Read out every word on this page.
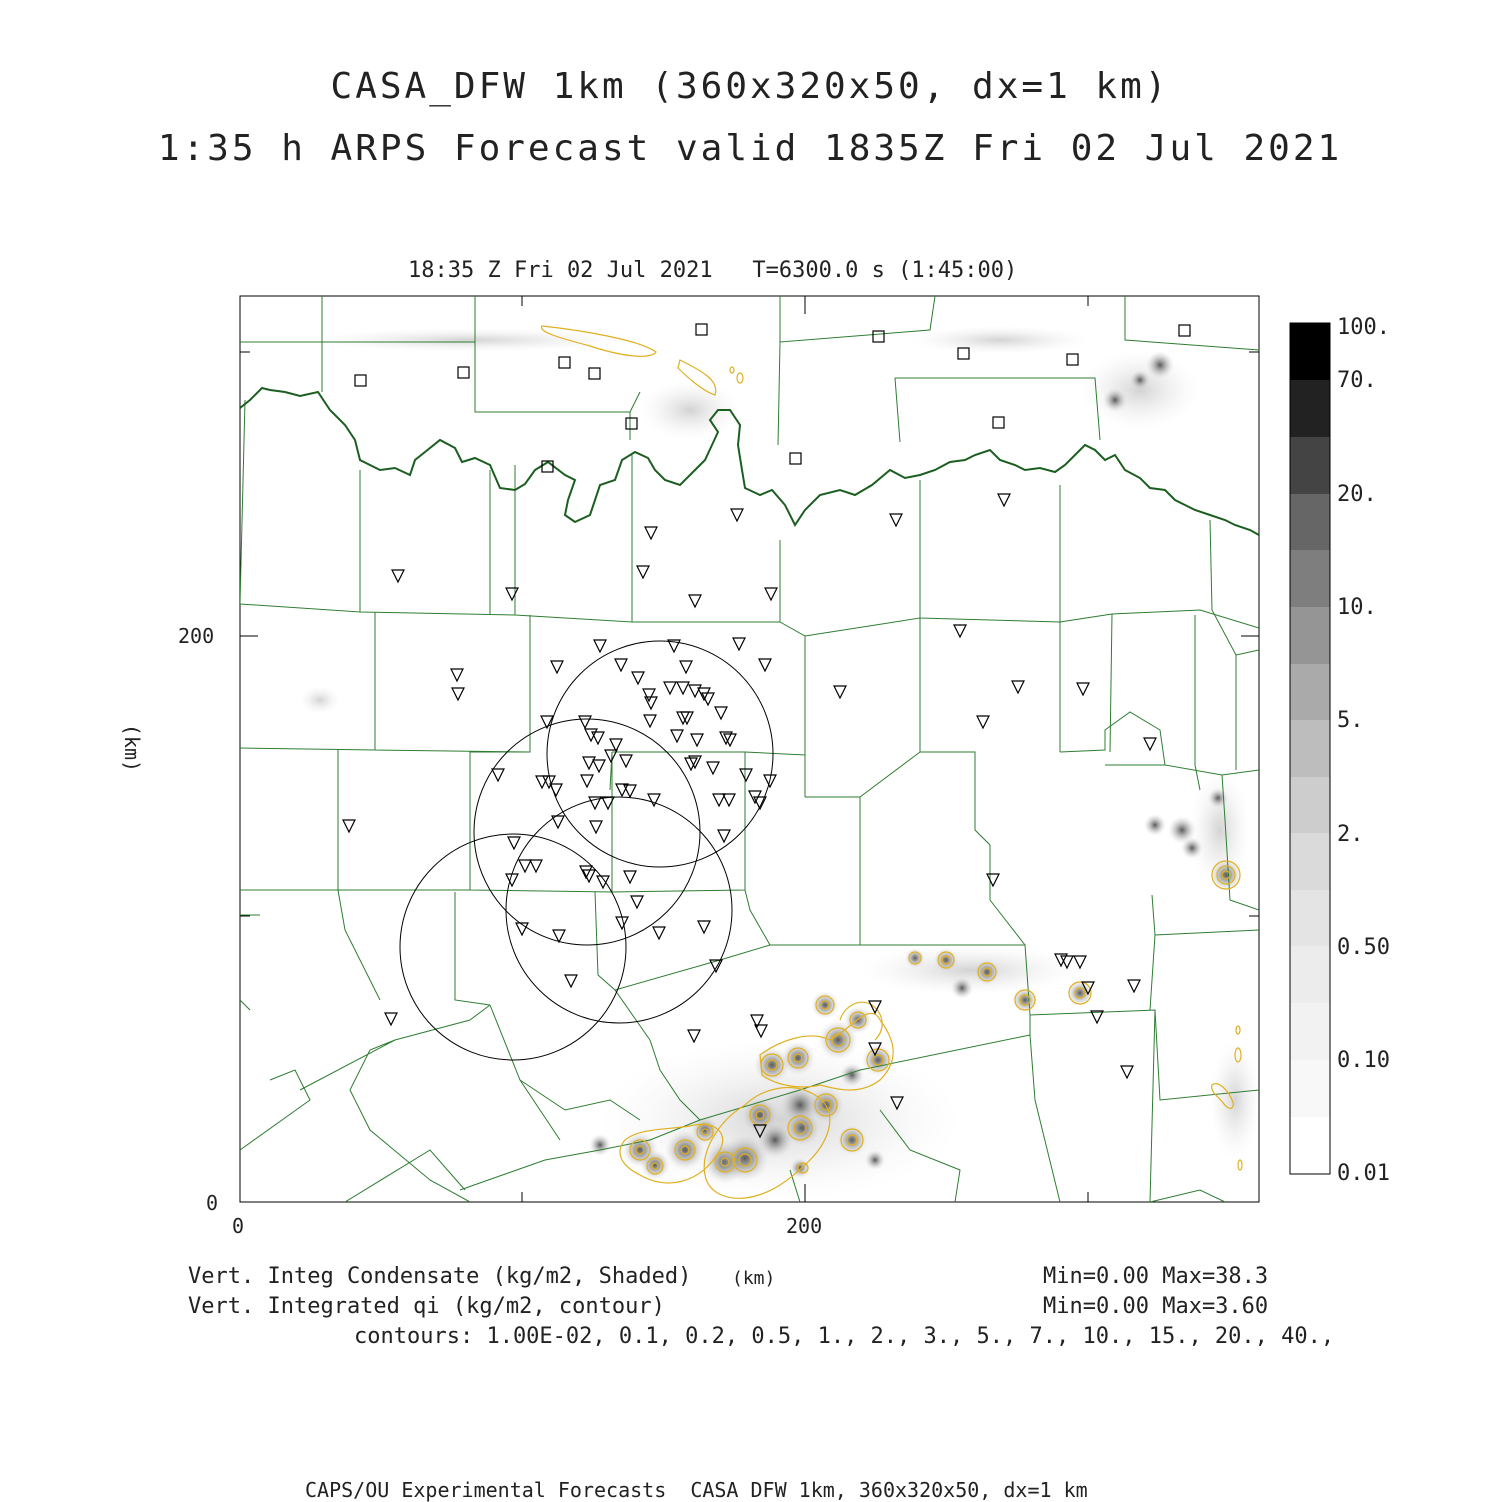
CASA_DFW 1km (360x320x50, dx=1 km)
1:35 h ARPS Forecast valid 1835Z Fri 02 Jul 2021
18:35 Z Fri 02 Jul 2021   T=6300.0 s (1:45:00)
200
0
0	200
(km)
100.
70.
20.
10.
5.
2.
0.50
0.10
0.01
Vert. Integ Condensate (kg/m2, Shaded) (km)	Min=0.00 Max=38.3
Vert. Integrated qi (kg/m2, contour)	Min=0.00 Max=3.60
contours: 1.00E-02, 0.1, 0.2, 0.5, 1., 2., 3., 5., 7., 10., 15., 20., 40.,
CAPS/OU Experimental Forecasts  CASA DFW 1km, 360x320x50, dx=1 km
